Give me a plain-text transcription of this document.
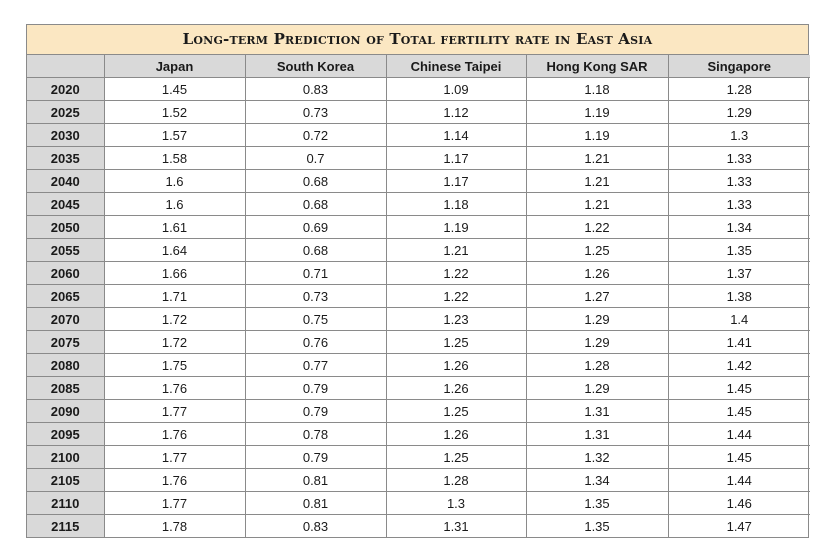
Long-term Prediction of Total fertility rate in East Asia
	Japan	South Korea	Chinese Taipei	Hong Kong SAR	Singapore
2020	1.45	0.83	1.09	1.18	1.28
2025	1.52	0.73	1.12	1.19	1.29
2030	1.57	0.72	1.14	1.19	1.3
2035	1.58	0.7	1.17	1.21	1.33
2040	1.6	0.68	1.17	1.21	1.33
2045	1.6	0.68	1.18	1.21	1.33
2050	1.61	0.69	1.19	1.22	1.34
2055	1.64	0.68	1.21	1.25	1.35
2060	1.66	0.71	1.22	1.26	1.37
2065	1.71	0.73	1.22	1.27	1.38
2070	1.72	0.75	1.23	1.29	1.4
2075	1.72	0.76	1.25	1.29	1.41
2080	1.75	0.77	1.26	1.28	1.42
2085	1.76	0.79	1.26	1.29	1.45
2090	1.77	0.79	1.25	1.31	1.45
2095	1.76	0.78	1.26	1.31	1.44
2100	1.77	0.79	1.25	1.32	1.45
2105	1.76	0.81	1.28	1.34	1.44
2110	1.77	0.81	1.3	1.35	1.46
2115	1.78	0.83	1.31	1.35	1.47
